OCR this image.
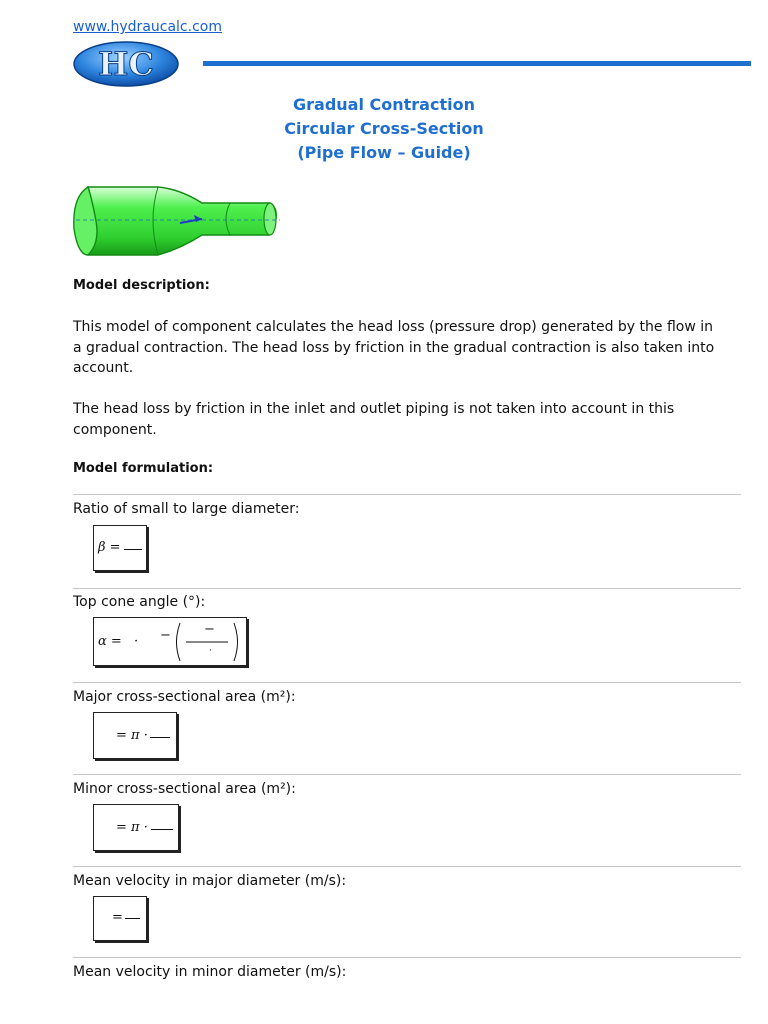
www.hydraucalc.com
HC
Gradual Contraction
Circular Cross-Section
(Pipe Flow – Guide)
Model description:
This model of component calculates the head loss (pressure drop) generated by the flow in a gradual contraction. The head loss by friction in the gradual contraction is also taken into account.
The head loss by friction in the inlet and outlet piping is not taken into account in this component.
Model formulation:
Ratio of small to large diameter:
β =
Top cone angle (°):
α = · −	−
·
Major cross-sectional area (m²):
= π ·
Minor cross-sectional area (m²):
= π ·
Mean velocity in major diameter (m/s):
=
Mean velocity in minor diameter (m/s):
